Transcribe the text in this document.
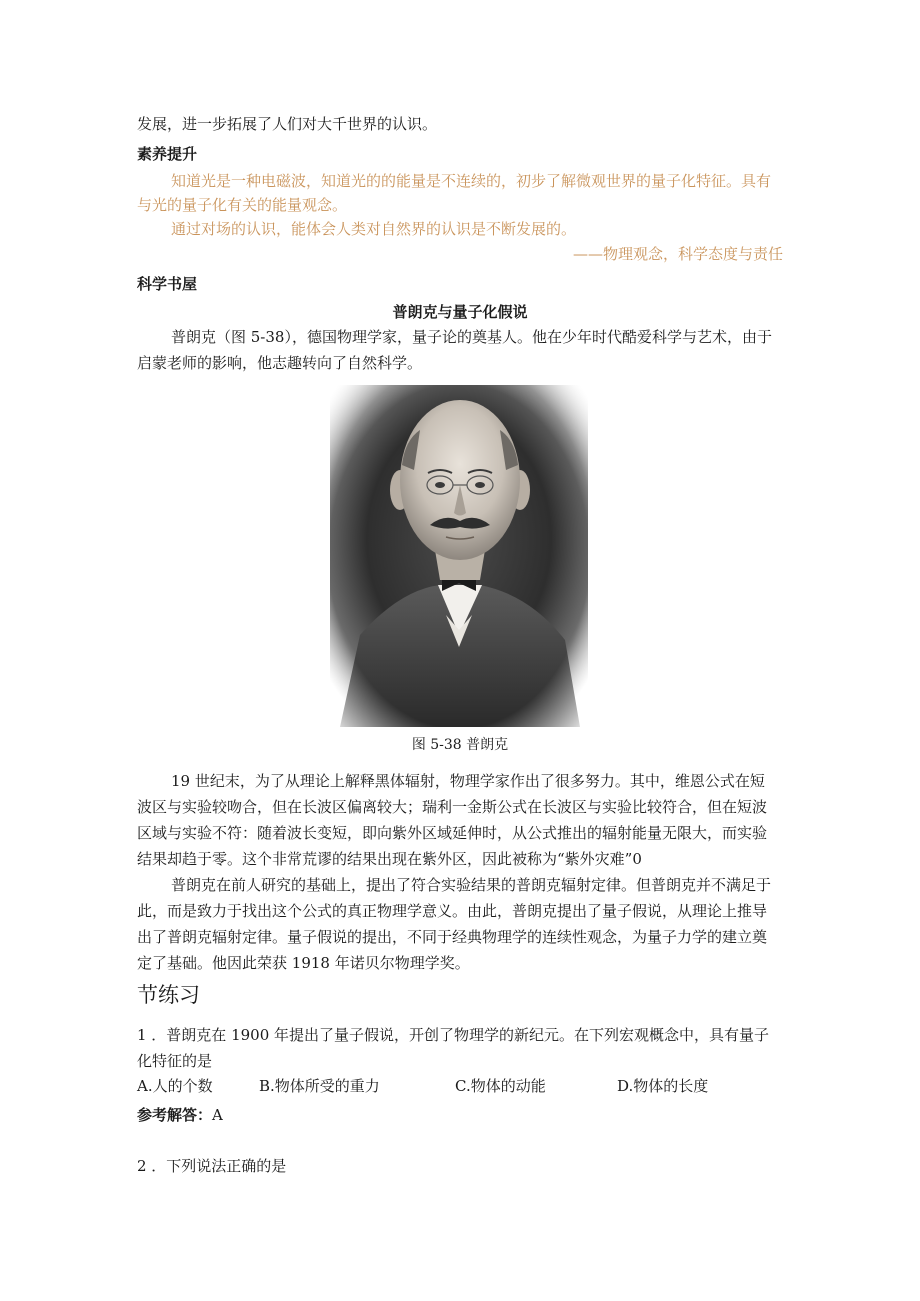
发展，进一步拓展了人们对大千世界的认识。
素养提升
知道光是一种电磁波，知道光的的能量是不连续的，初步了解微观世界的量子化特征。具有
与光的量子化有关的能量观念。
通过对场的认识，能体会人类对自然界的认识是不断发展的。
——物理观念，科学态度与责任
科学书屋
普朗克与量子化假说
普朗克（图 5-38），德国物理学家，量子论的奠基人。他在少年时代酷爱科学与艺术，由于
启蒙老师的影响，他志趣转向了自然科学。
图 5-38 普朗克
19 世纪末，为了从理论上解释黑体辐射，物理学家作出了很多努力。其中，维恩公式在短
波区与实验较吻合，但在长波区偏离较大；瑞利一金斯公式在长波区与实验比较符合，但在短波
区域与实验不符：随着波长变短，即向紫外区域延伸时，从公式推出的辐射能量无限大，而实验
结果却趋于零。这个非常荒谬的结果出现在紫外区，因此被称为“紫外灾难”0
普朗克在前人研究的基础上，提出了符合实验结果的普朗克辐射定律。但普朗克并不满足于
此，而是致力于找出这个公式的真正物理学意义。由此，普朗克提出了量子假说，从理论上推导
出了普朗克辐射定律。量子假说的提出，不同于经典物理学的连续性观念，为量子力学的建立奠
定了基础。他因此荣获 1918 年诺贝尔物理学奖。
节练习
1 ．普朗克在 1900 年提出了量子假说，开创了物理学的新纪元。在下列宏观概念中，具有量子
化特征的是
A.人的个数	B.物体所受的重力	C.物体的动能	D.物体的长度
参考解答：A
2 ．下列说法正确的是
